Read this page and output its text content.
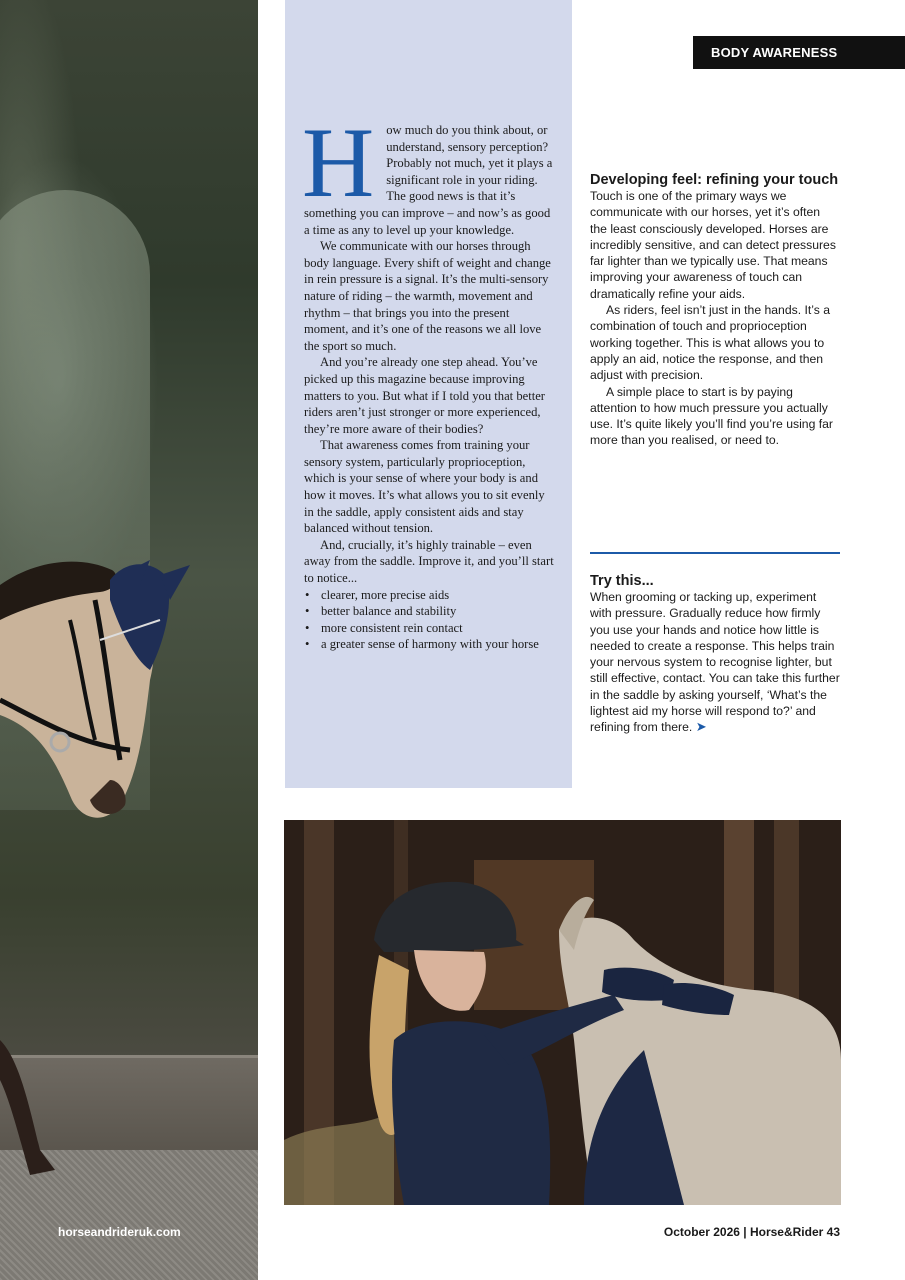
horseandrideruk.com

How much do you think about, or understand, sensory perception? Probably not much, yet it plays a significant role in your riding. The good news is that it’s something you can improve – and now’s as good a time as any to level up your knowledge.

We communicate with our horses through body language. Every shift of weight and change in rein pressure is a signal. It’s the multi-sensory nature of riding – the warmth, movement and rhythm – that brings you into the present moment, and it’s one of the reasons we all love the sport so much.

And you’re already one step ahead. You’ve picked up this magazine because improving matters to you. But what if I told you that better riders aren’t just stronger or more experienced, they’re more aware of their bodies?

That awareness comes from training your sensory system, particularly proprioception, which is your sense of where your body is and how it moves. It’s what allows you to sit evenly in the saddle, apply consistent aids and stay balanced without tension.

And, crucially, it’s highly trainable – even away from the saddle. Improve it, and you’ll start to notice...

• clearer, more precise aids
• better balance and stability
• more consistent rein contact
• a greater sense of harmony with your horse
BODY AWARENESS
Developing feel: refining your touch

Touch is one of the primary ways we communicate with our horses, yet it’s often the least consciously developed. Horses are incredibly sensitive, and can detect pressures far lighter than we typically use. That means improving your awareness of touch can dramatically refine your aids.

As riders, feel isn’t just in the hands. It’s a combination of touch and proprioception working together. This is what allows you to apply an aid, notice the response, and then adjust with precision.

A simple place to start is by paying attention to how much pressure you actually use. It’s quite likely you’ll find you’re using far more than you realised, or need to.

Try this...

When grooming or tacking up, experiment with pressure. Gradually reduce how firmly you use your hands and notice how little is needed to create a response. This helps train your nervous system to recognise lighter, but still effective, contact. You can take this further in the saddle by asking yourself, ‘What’s the lightest aid my horse will respond to?’ and refining from there. ➤

October 2026 | Horse&Rider 43
